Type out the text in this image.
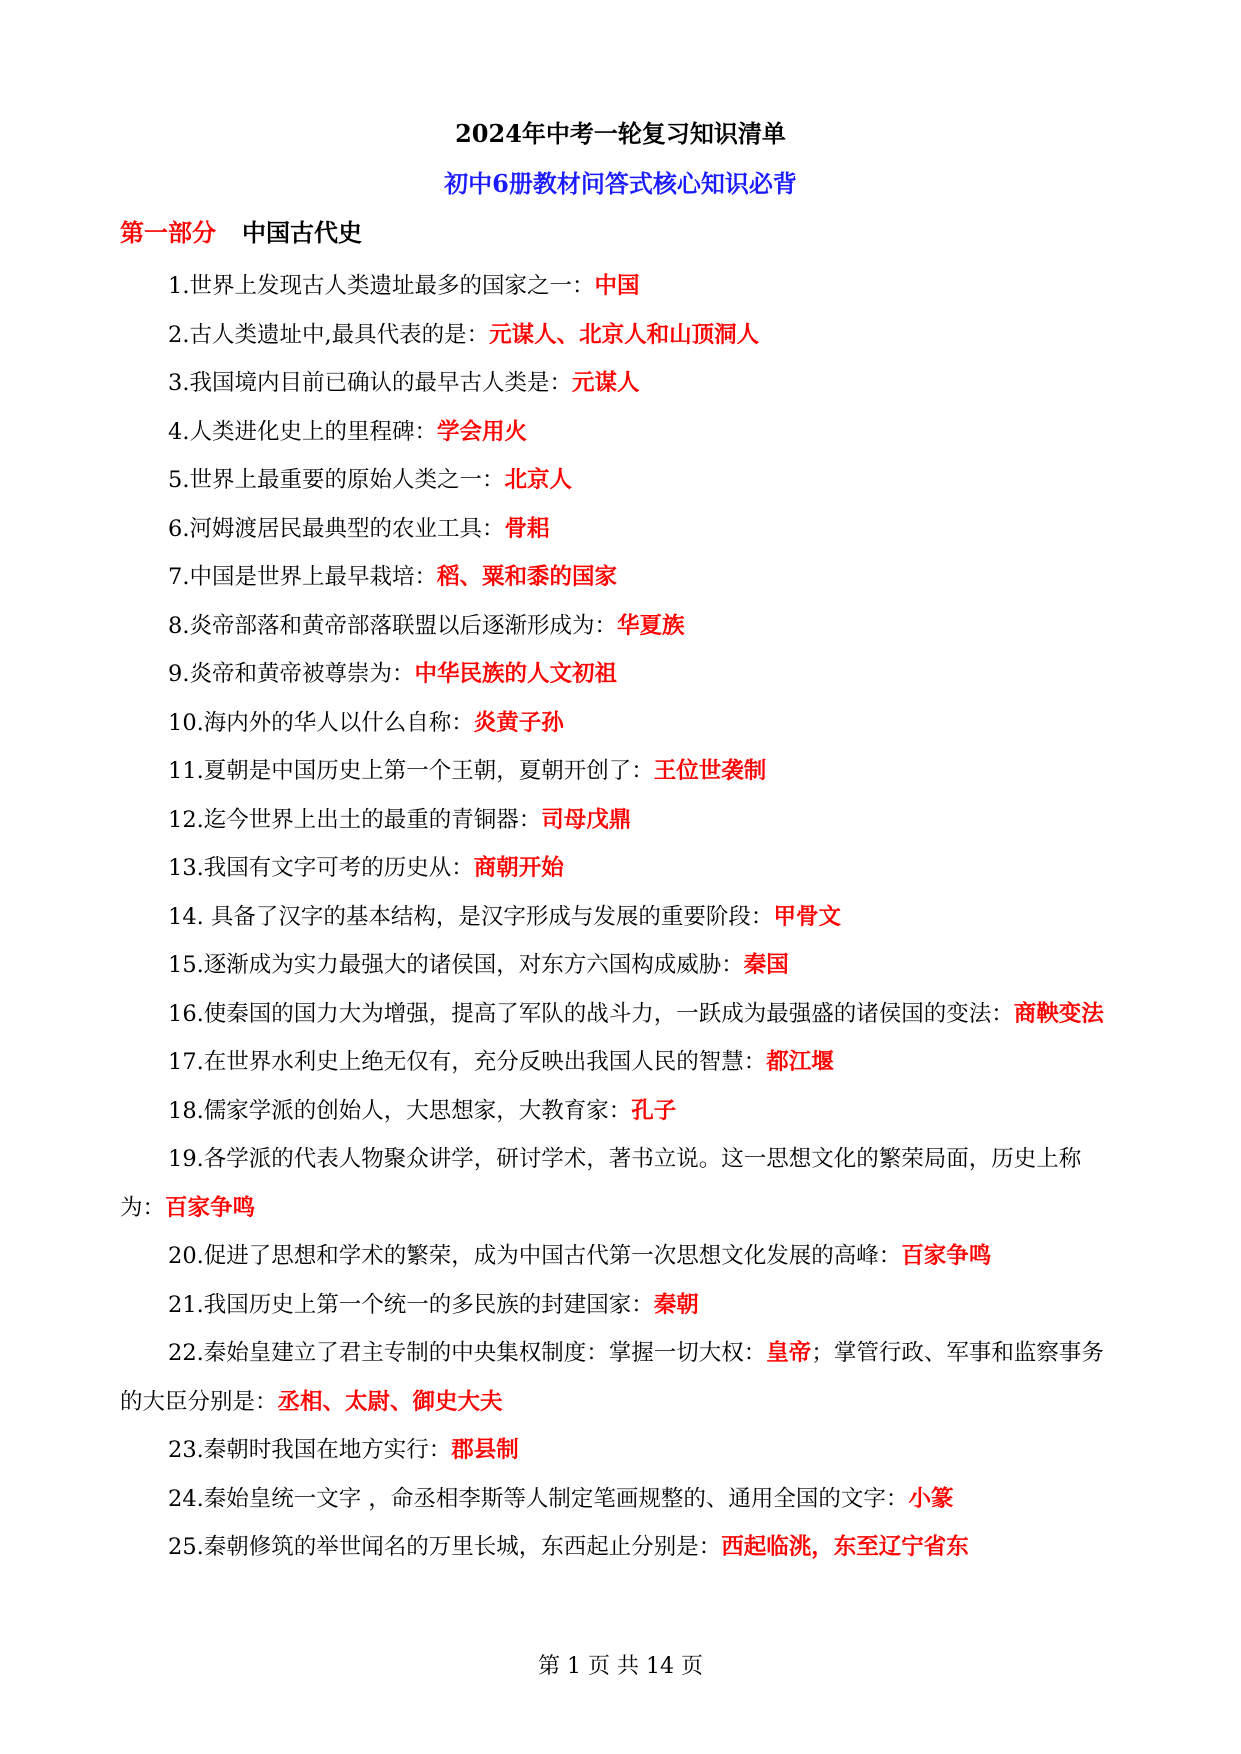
2024年中考一轮复习知识清单
初中6册教材问答式核心知识必背
第一部分 中国古代史
1.世界上发现古人类遗址最多的国家之一：中国
2.古人类遗址中,最具代表的是：元谋人、北京人和山顶洞人
3.我国境内目前已确认的最早古人类是：元谋人
4.人类进化史上的里程碑：学会用火
5.世界上最重要的原始人类之一：北京人
6.河姆渡居民最典型的农业工具：骨耜
7.中国是世界上最早栽培：稻、粟和黍的国家
8.炎帝部落和黄帝部落联盟以后逐渐形成为：华夏族
9.炎帝和黄帝被尊崇为：中华民族的人文初祖
10.海内外的华人以什么自称：炎黄子孙
11.夏朝是中国历史上第一个王朝，夏朝开创了：王位世袭制
12.迄今世界上出土的最重的青铜器：司母戊鼎
13.我国有文字可考的历史从：商朝开始
14. 具备了汉字的基本结构，是汉字形成与发展的重要阶段：甲骨文
15.逐渐成为实力最强大的诸侯国，对东方六国构成威胁：秦国
16.使秦国的国力大为增强，提高了军队的战斗力，一跃成为最强盛的诸侯国的变法：商鞅变法
17.在世界水利史上绝无仅有，充分反映出我国人民的智慧：都江堰
18.儒家学派的创始人，大思想家，大教育家：孔子
19.各学派的代表人物聚众讲学，研讨学术，著书立说。这一思想文化的繁荣局面，历史上称为：百家争鸣
20.促进了思想和学术的繁荣，成为中国古代第一次思想文化发展的高峰：百家争鸣
21.我国历史上第一个统一的多民族的封建国家：秦朝
22.秦始皇建立了君主专制的中央集权制度：掌握一切大权：皇帝；掌管行政、军事和监察事务的大臣分别是：丞相、太尉、御史大夫
23.秦朝时我国在地方实行：郡县制
24.秦始皇统一文字 ，命丞相李斯等人制定笔画规整的、通用全国的文字：小篆
25.秦朝修筑的举世闻名的万里长城，东西起止分别是：西起临洮，东至辽宁省东
第 1 页 共 14 页
